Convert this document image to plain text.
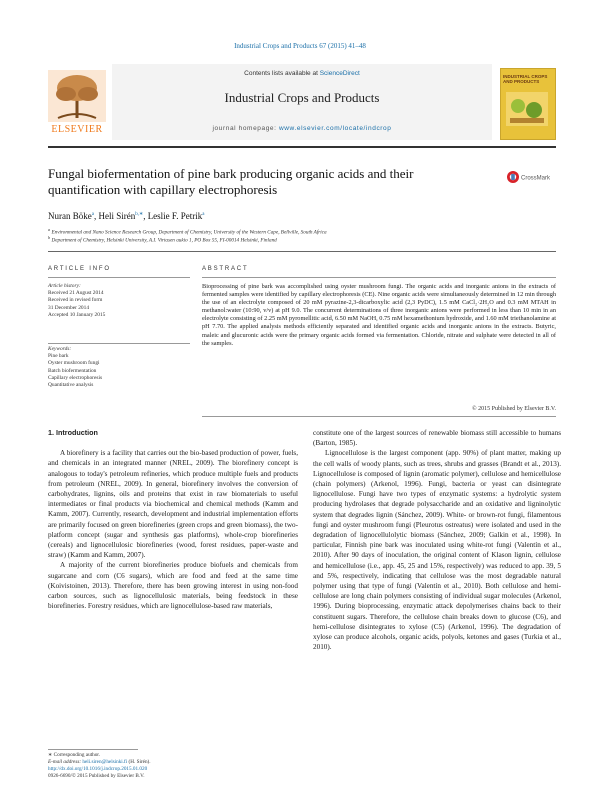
Industrial Crops and Products 67 (2015) 41–48
Contents lists available at ScienceDirect
Industrial Crops and Products
journal homepage: www.elsevier.com/locate/indcrop
ELSEVIER
INDUSTRIAL CROPS AND PRODUCTS
Fungal biofermentation of pine bark producing organic acids and their quantification with capillary electrophoresis
CrossMark
Nuran Böke$^a$, Heli Sirén$^{b,∗}$, Leslie F. Petrik$^a$
$^a$ Environmental and Nano Science Research Group, Department of Chemistry, University of the Western Cape, Bellville, South Africa
$^b$ Department of Chemistry, Helsinki University, A.I. Virtasen aukio 1, PO Box 55, FI-00014 Helsinki, Finland
ARTICLE INFO	ABSTRACT
Article history:
Received 21 August 2014
Received in revised form
31 December 2014
Accepted 10 January 2015
Keywords:
Pine bark
Oyster mushroom fungi
Batch biofermentation
Capillary electrophoresis
Quantitative analysis
Bioprocessing of pine bark was accomplished using oyster mushroom fungi. The organic acids and inorganic anions in the extracts of fermented samples were identified by capillary electrophoresis (CE). Nine organic acids were simultaneously determined in 12 min through the use of an electrolyte composed of 20 mM pyrazine-2,3-dicarboxylic acid (2,3 PyDC), 1.5 mM CaCl₂·2H₂O and 0.3 mM MTAH in methanol:water (10:90, v/v) at pH 9.0. The concurrent determinations of three inorganic anions were performed in less than 10 min in an electrolyte consisting of 2.25 mM pyromellitic acid, 6.50 mM NaOH, 0.75 mM hexamethonium hydroxide, and 1.60 mM triethanolamine at pH 7.70. The applied analysis methods efficiently separated and identified organic acids and inorganic anions in the extracts. Butyric, maleic and glucuronic acids were the primary organic acids formed via fermentation. Chloride, nitrate and sulphate were detected in all of the samples.
© 2015 Published by Elsevier B.V.

1. Introduction

A biorefinery is a facility that carries out the bio-based production of power, fuels, and chemicals in an integrated manner (NREL, 2009). The biorefinery concept is analogous to today's petroleum refineries, which produce multiple fuels and products from petroleum (NREL, 2009). In general, biorefinery involves the conversion of carbohydrates, lignins, oils and proteins that exist in raw biomaterials to useful intermediates or final products via biochemical and chemical methods (Kamm and Kamm, 2007). Currently, research, development and industrial implementation efforts are primarily focused on green biorefineries (green crops and green biomass), the two-platform concept (sugar and synthesis gas platforms), whole-crop biorefineries (cereals) and lignocellulosic biorefineries (wood, forest residues, paper-waste and straw) (Kamm and Kamm, 2007).

A majority of the current biorefineries produce biofuels and chemicals from sugarcane and corn (C6 sugars), which are food and feed at the same time (Koivistoinen, 2013). Therefore, there has been growing interest in using non-food carbon sources, such as lignocellulosic materials, being feedstock in these biorefineries. Forestry residues, which are lignocellulose-based raw materials,

constitute one of the largest sources of renewable biomass still accessible to humans (Barton, 1985).

Lignocellulose is the largest component (app. 90%) of plant matter, making up the cell walls of woody plants, such as trees, shrubs and grasses (Brandt et al., 2013). Lignocellulose is composed of lignin (aromatic polymer), cellulose and hemicellulose (chain polymers) (Arkenol, 1996). Fungi, bacteria or yeast can disintegrate lignocellulose. Fungi have two types of enzymatic systems: a hydrolytic system producing hydrolases that degrade polysaccharide and an oxidative and ligninolytic system that degrades lignin (Sánchez, 2009). White- or brown-rot fungi, filamentous fungi and oyster mushroom fungi (Pleurotus ostreatus) were isolated and used in the degradation of lignocellulolytic biomass (Sánchez, 2009; Galkin et al., 1998). In particular, Finnish pine bark was inoculated using white-rot fungi (Valentín et al., 2010). After 90 days of inoculation, the original content of Klason lignin, cellulose and hemicellulose (i.e., app. 45, 25 and 15%, respectively) was reduced to app. 39, 5 and 5%, respectively, indicating that cellulose was the most degradable natural polymer using that type of fungi (Valentín et al., 2010). Both cellulose and hemi-cellulose are long chain polymers consisting of individual sugar molecules (Arkenol, 1996). During bioprocessing, enzymatic attack depolymerises chains back to their constituent sugars. Therefore, the cellulose chain breaks down to glucose (C6), and hemi-cellulose disintegrates to xylose (C5) (Arkenol, 1996). The degradation of xylose can produce alcohols, organic acids, polyols, ketones and gases (Turkia et al., 2010).

∗ Corresponding author.
E-mail address: heli.siren@helsinki.fi (H. Sirén).
http://dx.doi.org/10.1016/j.indcrop.2015.01.020
0926-6690/© 2015 Published by Elsevier B.V.
